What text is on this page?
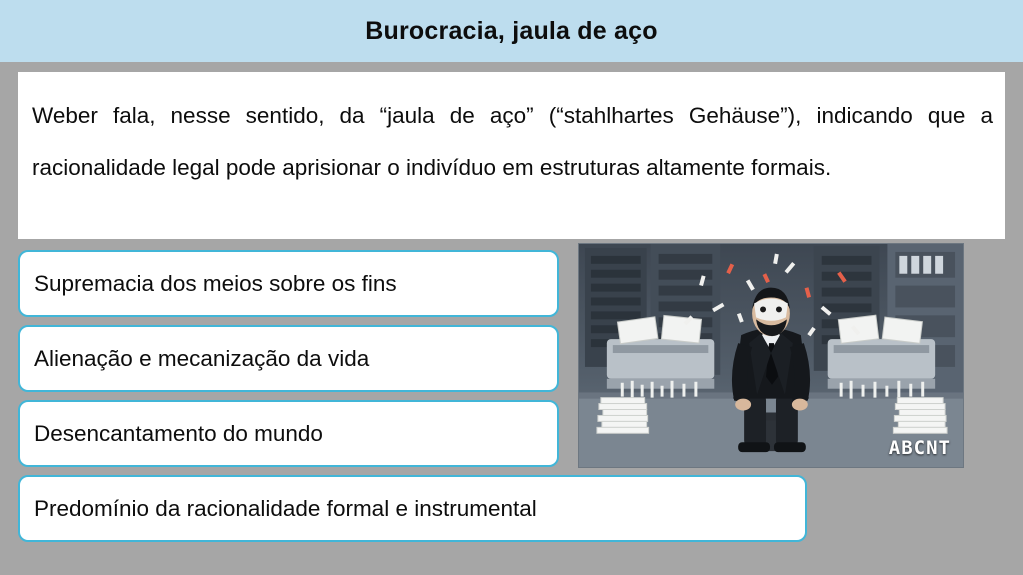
Burocracia, jaula de aço

Weber fala, nesse sentido, da “jaula de aço” (“stahlhartes Gehäuse”), indicando que a racionalidade legal pode aprisionar o indivíduo em estruturas altamente formais.

Supremacia dos meios sobre os fins
Alienação e mecanização da vida
Desencantamento do mundo
Predomínio da racionalidade formal e instrumental
ABCNT
